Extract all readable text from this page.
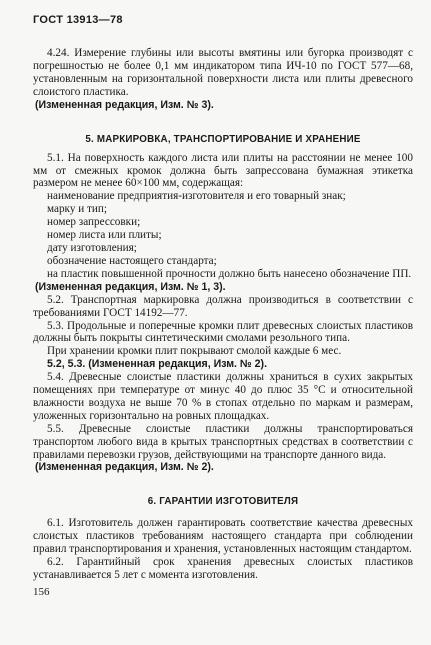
ГОСТ 13913—78

4.24. Измерение глубины или высоты вмятины или бугорка производят с погрешностью не более 0,1 мм индикатором типа ИЧ-10 по ГОСТ 577—68, установленным на горизонтальной поверхности листа или плиты древесного слоистого пластика.

(Измененная редакция, Изм. № 3).

5. МАРКИРОВКА, ТРАНСПОРТИРОВАНИЕ И ХРАНЕНИЕ

5.1. На поверхность каждого листа или плиты на расстоянии не менее 100 мм от смежных кромок должна быть запрессована бумажная этикетка размером не менее 60×100 мм, содержащая:

наименование предприятия-изготовителя и его товарный знак;
марку и тип;
номер запрессовки;
номер листа или плиты;
дату изготовления;
обозначение настоящего стандарта;

на пластик повышенной прочности должно быть нанесено обозначение ПП.

(Измененная редакция, Изм. № 1, 3).

5.2. Транспортная маркировка должна производиться в соответствии с требованиями ГОСТ 14192—77.

5.3. Продольные и поперечные кромки плит древесных слоистых пластиков должны быть покрыты синтетическими смолами резольного типа.

При хранении кромки плит покрывают смолой каждые 6 мес.

5.2, 5.3. (Измененная редакция, Изм. № 2).

5.4. Древесные слоистые пластики должны храниться в сухих закрытых помещениях при температуре от минус 40 до плюс 35 °С и относительной влажности воздуха не выше 70 % в стопах отдельно по маркам и размерам, уложенных горизонтально на ровных площадках.

5.5. Древесные слоистые пластики должны транспортироваться транспортом любого вида в крытых транспортных средствах в соответствии с правилами перевозки грузов, действующими на транспорте данного вида.

(Измененная редакция, Изм. № 2).

6. ГАРАНТИИ ИЗГОТОВИТЕЛЯ

6.1. Изготовитель должен гарантировать соответствие качества древесных слоистых пластиков требованиям настоящего стандарта при соблюдении правил транспортирования и хранения, установленных настоящим стандартом.

6.2. Гарантийный срок хранения древесных слоистых пластиков устанавливается 5 лет с момента изготовления.

156
